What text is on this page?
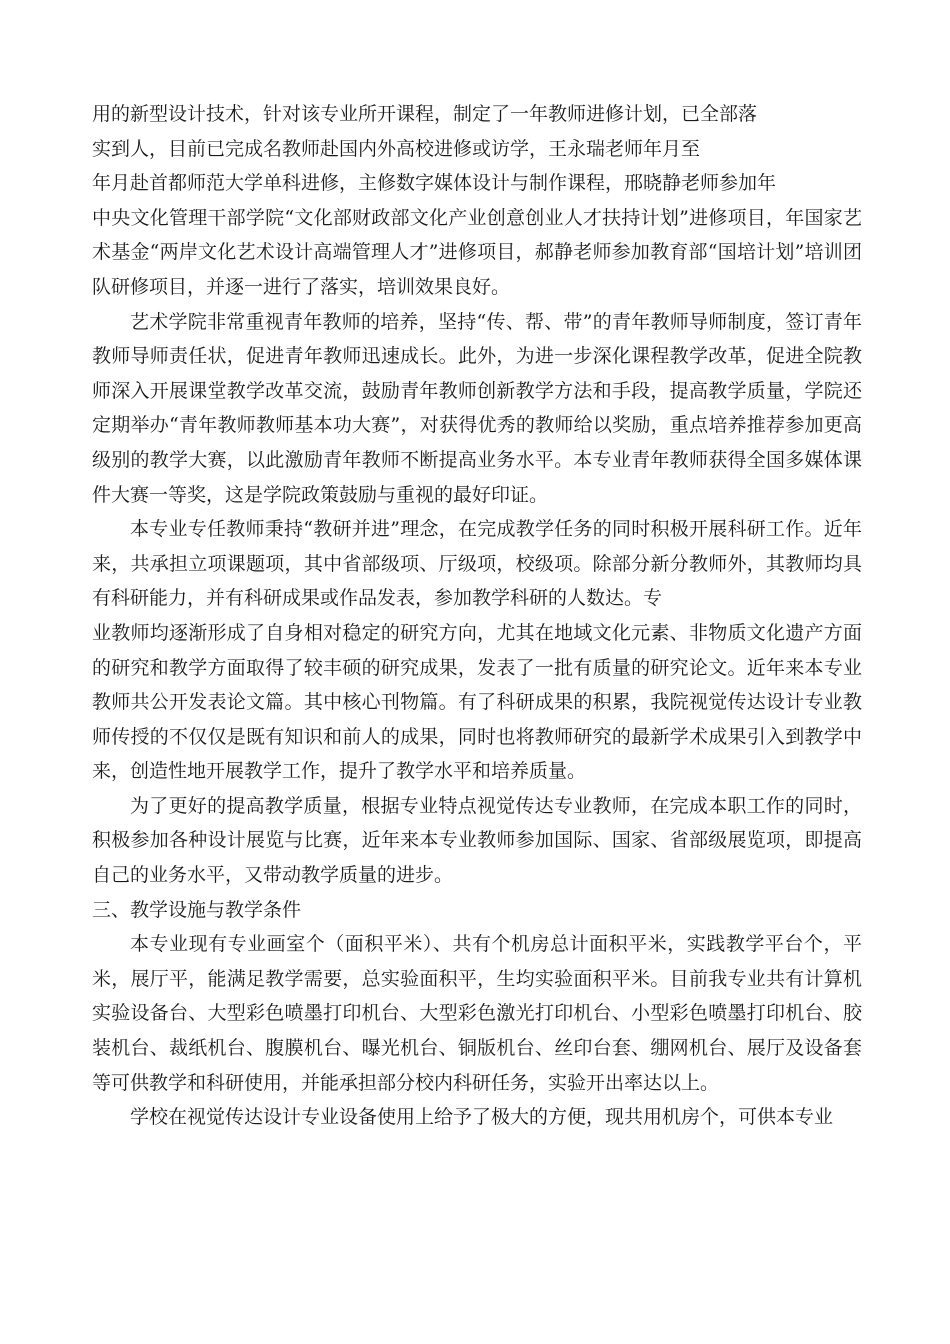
用的新型设计技术，针对该专业所开课程，制定了一年教师进修计划，已全部落
实到人，目前已完成名教师赴国内外高校进修或访学，王永瑞老师年月至
年月赴首都师范大学单科进修，主修数字媒体设计与制作课程，邢晓静老师参加年
中央文化管理干部学院“文化部财政部文化产业创意创业人才扶持计划”进修项目，年国家艺术基金“两岸文化艺术设计高端管理人才”进修项目，郝静老师参加教育部“国培计划”培训团队研修项目，并逐一进行了落实，培训效果良好。
艺术学院非常重视青年教师的培养，坚持“传、帮、带”的青年教师导师制度，签订青年教师导师责任状，促进青年教师迅速成长。此外，为进一步深化课程教学改革，促进全院教师深入开展课堂教学改革交流，鼓励青年教师创新教学方法和手段，提高教学质量，学院还定期举办“青年教师教师基本功大赛”，对获得优秀的教师给以奖励，重点培养推荐参加更高级别的教学大赛，以此激励青年教师不断提高业务水平。本专业青年教师获得全国多媒体课件大赛一等奖，这是学院政策鼓励与重视的最好印证。
本专业专任教师秉持“教研并进”理念，在完成教学任务的同时积极开展科研工作。近年来，共承担立项课题项，其中省部级项、厅级项，校级项。除部分新分教师外，其教师均具有科研能力，并有科研成果或作品发表，参加教学科研的人数达。专
业教师均逐渐形成了自身相对稳定的研究方向，尤其在地域文化元素、非物质文化遗产方面的研究和教学方面取得了较丰硕的研究成果，发表了一批有质量的研究论文。近年来本专业教师共公开发表论文篇。其中核心刊物篇。有了科研成果的积累，我院视觉传达设计专业教师传授的不仅仅是既有知识和前人的成果，同时也将教师研究的最新学术成果引入到教学中来，创造性地开展教学工作，提升了教学水平和培养质量。
为了更好的提高教学质量，根据专业特点视觉传达专业教师，在完成本职工作的同时，积极参加各种设计展览与比赛，近年来本专业教师参加国际、国家、省部级展览项，即提高自己的业务水平，又带动教学质量的进步。
三、教学设施与教学条件
本专业现有专业画室个（面积平米）、共有个机房总计面积平米，实践教学平台个，平米，展厅平，能满足教学需要，总实验面积平，生均实验面积平米。目前我专业共有计算机实验设备台、大型彩色喷墨打印机台、大型彩色激光打印机台、小型彩色喷墨打印机台、胶装机台、裁纸机台、腹膜机台、曝光机台、铜版机台、丝印台套、绷网机台、展厅及设备套等可供教学和科研使用，并能承担部分校内科研任务，实验开出率达以上。
学校在视觉传达设计专业设备使用上给予了极大的方便，现共用机房个，可供本专业
